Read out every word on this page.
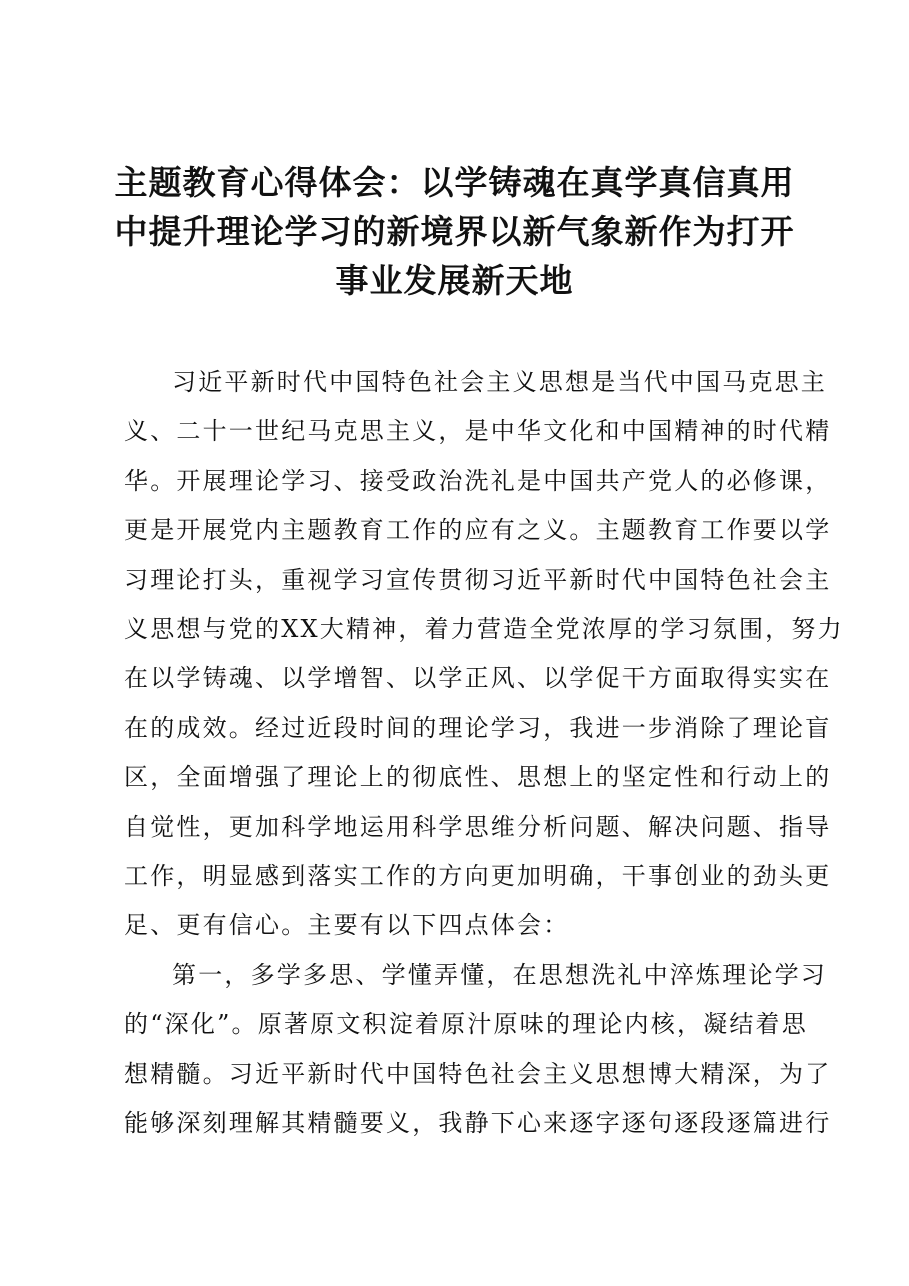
主题教育心得体会：以学铸魂在真学真信真用
中提升理论学习的新境界以新气象新作为打开
事业发展新天地
习近平新时代中国特色社会主义思想是当代中国马克思主
义、二十一世纪马克思主义，是中华文化和中国精神的时代精
华。开展理论学习、接受政治洗礼是中国共产党人的必修课，
更是开展党内主题教育工作的应有之义。主题教育工作要以学
习理论打头，重视学习宣传贯彻习近平新时代中国特色社会主
义思想与党的XX大精神，着力营造全党浓厚的学习氛围，努力
在以学铸魂、以学增智、以学正风、以学促干方面取得实实在
在的成效。经过近段时间的理论学习，我进一步消除了理论盲
区，全面增强了理论上的彻底性、思想上的坚定性和行动上的
自觉性，更加科学地运用科学思维分析问题、解决问题、指导
工作，明显感到落实工作的方向更加明确，干事创业的劲头更
足、更有信心。主要有以下四点体会：
第一，多学多思、学懂弄懂，在思想洗礼中淬炼理论学习
的“深化”。原著原文积淀着原汁原味的理论内核，凝结着思
想精髓。习近平新时代中国特色社会主义思想博大精深，为了
能够深刻理解其精髓要义，我静下心来逐字逐句逐段逐篇进行
